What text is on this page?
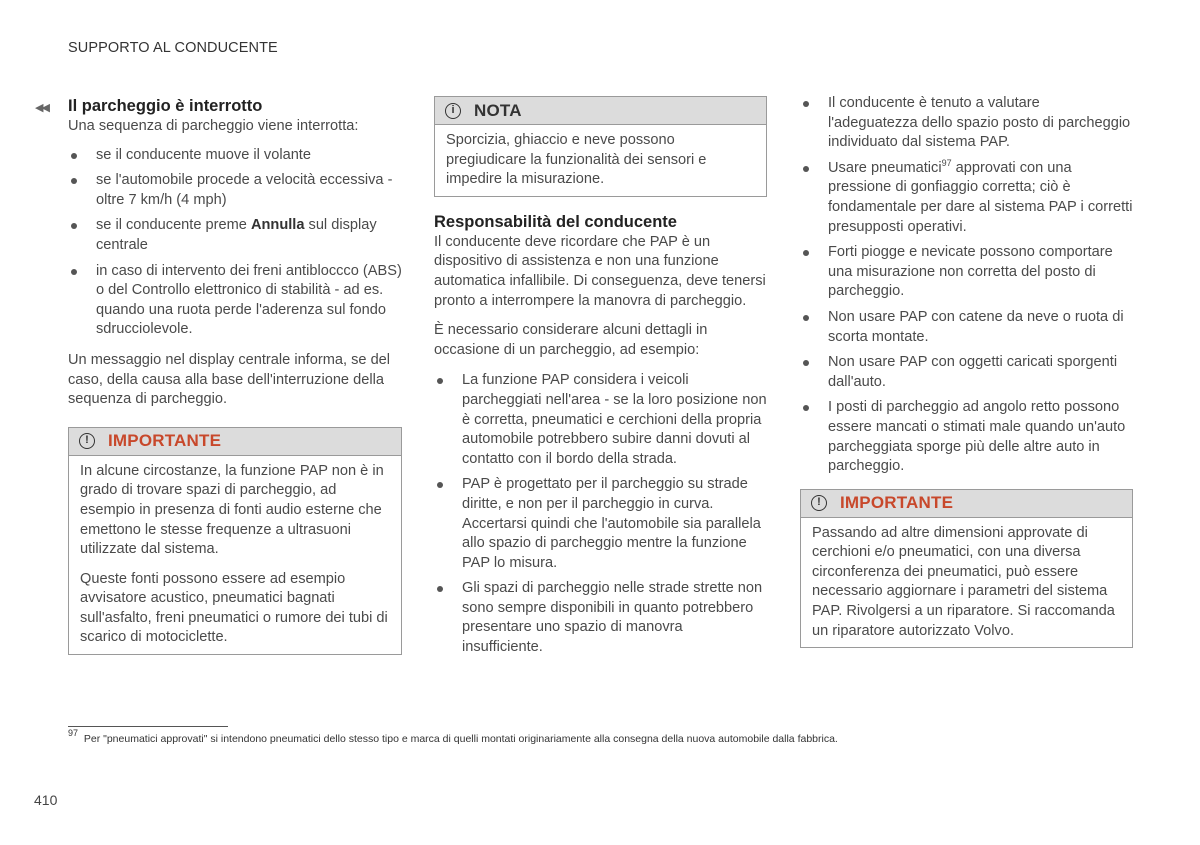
SUPPORTO AL CONDUCENTE
◀◀ Il parcheggio è interrotto

Una sequenza di parcheggio viene interrotta:

se il conducente muove il volante
se l'automobile procede a velocità eccessiva - oltre 7 km/h (4 mph)
se il conducente preme Annulla sul display centrale
in caso di intervento dei freni antibloccco (ABS) o del Controllo elettronico di stabilità - ad es. quando una ruota perde l'aderenza sul fondo sdrucciolevole.

Un messaggio nel display centrale informa, se del caso, della causa alla base dell'interruzione della sequenza di parcheggio.

!	IMPORTANTE

In alcune circostanze, la funzione PAP non è in grado di trovare spazi di parcheggio, ad esempio in presenza di fonti audio esterne che emettono le stesse frequenze a ultrasuoni utilizzate dal sistema.

Queste fonti possono essere ad esempio avvisatore acustico, pneumatici bagnati sull'asfalto, freni pneumatici o rumore dei tubi di scarico di motociclette.

i	NOTA

Sporcizia, ghiaccio e neve possono pregiudicare la funzionalità dei sensori e impedire la misurazione.

Responsabilità del conducente

Il conducente deve ricordare che PAP è un dispositivo di assistenza e non una funzione automatica infallibile. Di conseguenza, deve tenersi pronto a interrompere la manovra di parcheggio.

È necessario considerare alcuni dettagli in occasione di un parcheggio, ad esempio:

La funzione PAP considera i veicoli parcheggiati nell'area - se la loro posizione non è corretta, pneumatici e cerchioni della propria automobile potrebbero subire danni dovuti al contatto con il bordo della strada.
PAP è progettato per il parcheggio su strade diritte, e non per il parcheggio in curva. Accertarsi quindi che l'automobile sia parallela allo spazio di parcheggio mentre la funzione PAP lo misura.
Gli spazi di parcheggio nelle strade strette non sono sempre disponibili in quanto potrebbero presentare uno spazio di manovra insufficiente.
Il conducente è tenuto a valutare l'adeguatezza dello spazio posto di parcheggio individuato dal sistema PAP.
Usare pneumatici$^{97}$ approvati con una pressione di gonfiaggio corretta; ciò è fondamentale per dare al sistema PAP i corretti presupposti operativi.
Forti piogge e nevicate possono comportare una misurazione non corretta del posto di parcheggio.
Non usare PAP con catene da neve o ruota di scorta montate.
Non usare PAP con oggetti caricati sporgenti dall'auto.
I posti di parcheggio ad angolo retto possono essere mancati o stimati male quando un'auto parcheggiata sporge più delle altre auto in parcheggio.
!	IMPORTANTE

Passando ad altre dimensioni approvate di cerchioni e/o pneumatici, con una diversa circonferenza dei pneumatici, può essere necessario aggiornare i parametri del sistema PAP. Rivolgersi a un riparatore. Si raccomanda un riparatore autorizzato Volvo.

$^{97}$ Per "pneumatici approvati" si intendono pneumatici dello stesso tipo e marca di quelli montati originariamente alla consegna della nuova automobile dalla fabbrica.
410
